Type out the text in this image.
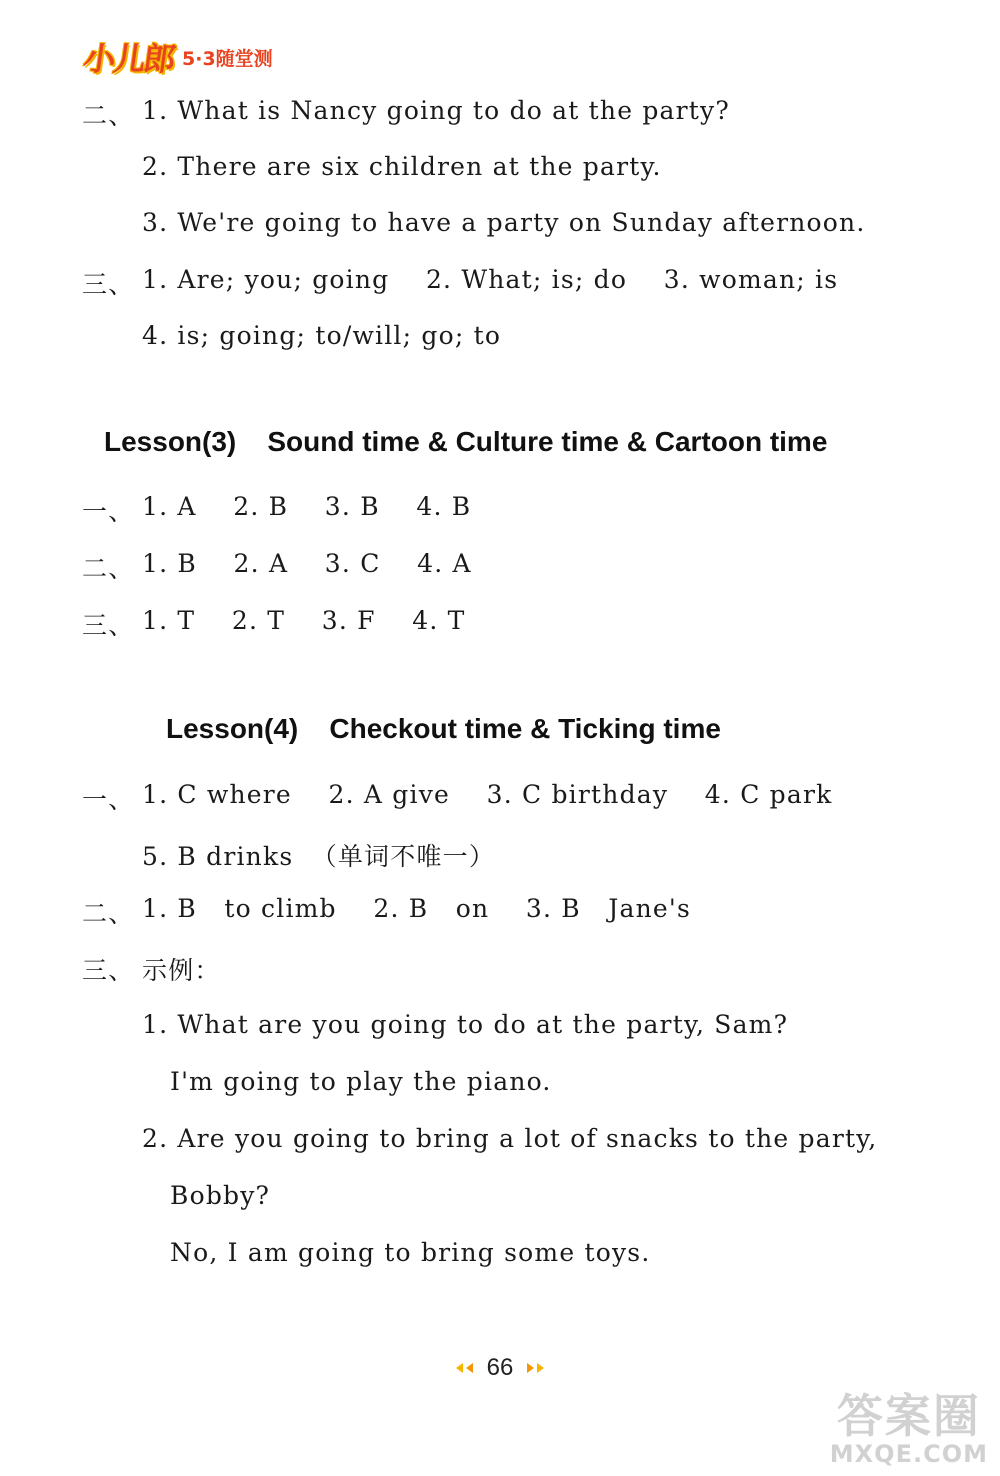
小儿郎 5·3随堂测
二、 1. What is Nancy going to do at the party?
2. There are six children at the party.
3. We're going to have a party on Sunday afternoon.
三、 1. Are; you; going    2. What; is; do    3. woman; is
4. is; going; to/will; go; to
Lesson(3)    Sound time & Culture time & Cartoon time
一、 1. A    2. B    3. B    4. B
二、 1. B    2. A    3. C    4. A
三、 1. T    2. T    3. F    4. T
Lesson(4)    Checkout time & Ticking time
一、 1. C where    2. A give    3. C birthday    4. C park
5. B drinks  （单词不唯一）
二、 1. B   to climb    2. B   on    3. B   Jane's
三、 示例：
1. What are you going to do at the party, Sam?
I'm going to play the piano.
2. Are you going to bring a lot of snacks to the party,
Bobby?
No, I am going to bring some toys.
66
答案圈
MXQE.COM
